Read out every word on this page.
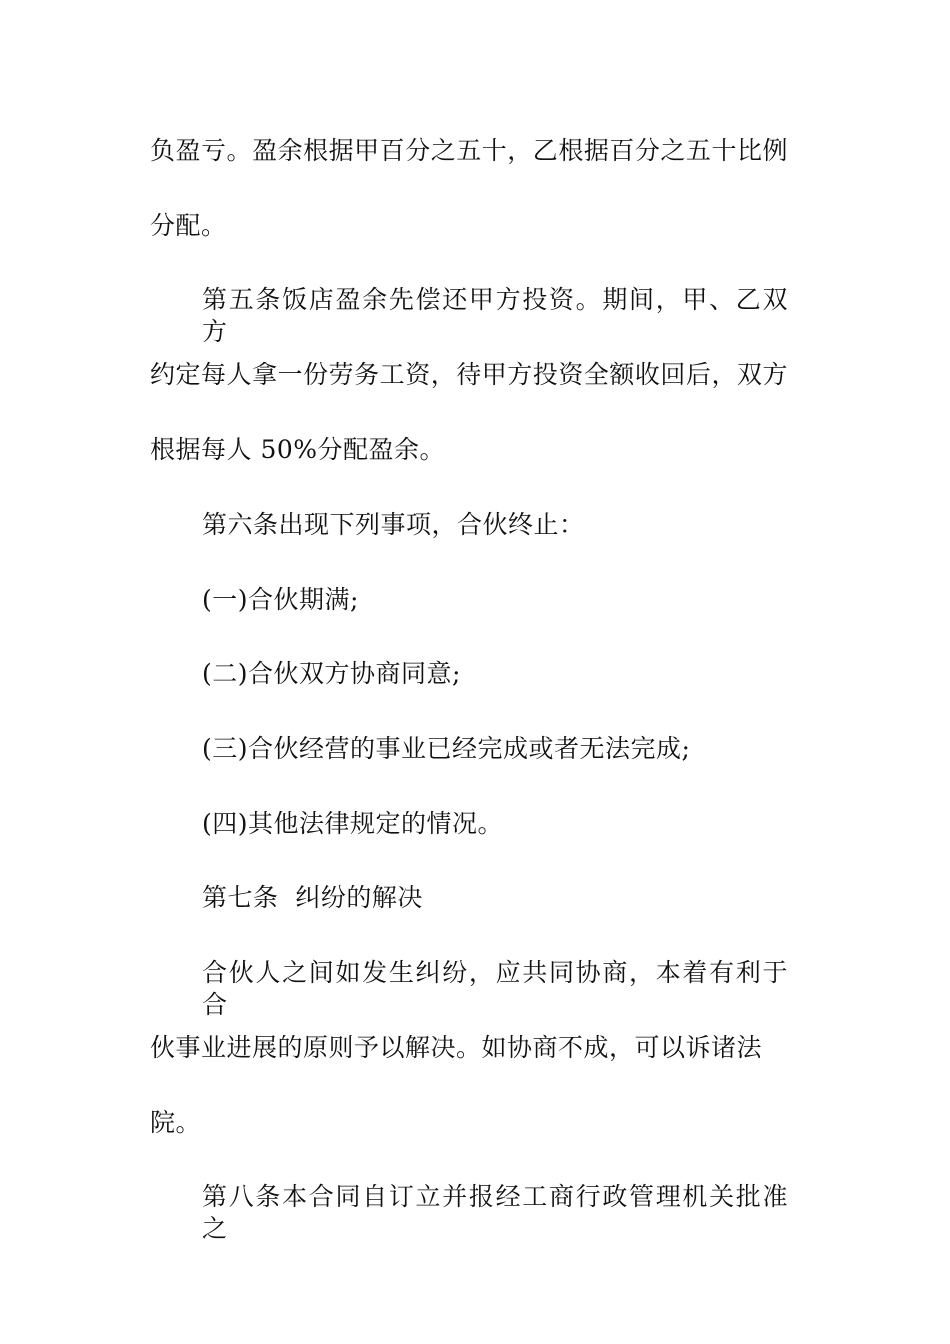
负盈亏。盈余根据甲百分之五十，乙根据百分之五十比例

分配。

第五条饭店盈余先偿还甲方投资。期间，甲、乙双方

约定每人拿一份劳务工资，待甲方投资全额收回后，双方

根据每人 50%分配盈余。

第六条出现下列事项，合伙终止：

(一)合伙期满;

(二)合伙双方协商同意;

(三)合伙经营的事业已经完成或者无法完成;

(四)其他法律规定的情况。

第七条  纠纷的解决

合伙人之间如发生纠纷，应共同协商，本着有利于合

伙事业进展的原则予以解决。如协商不成，可以诉诸法

院。

第八条本合同自订立并报经工商行政管理机关批准之
